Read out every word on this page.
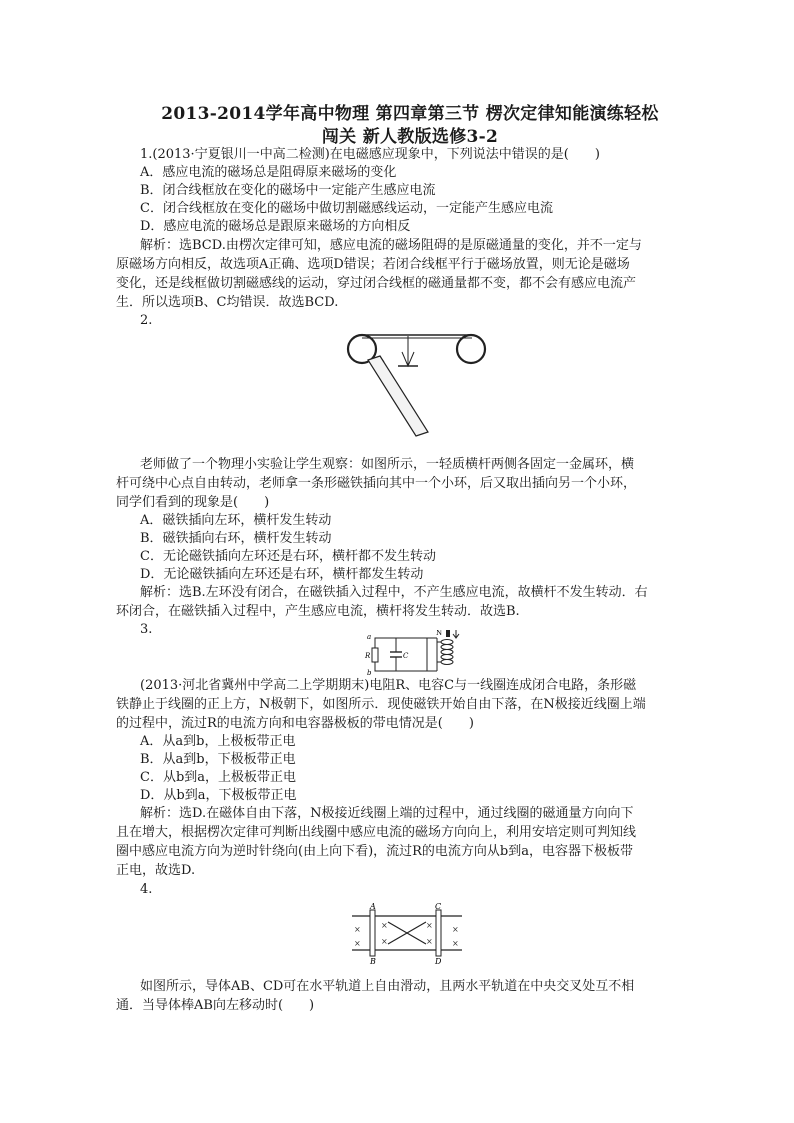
2013-2014学年高中物理 第四章第三节 楞次定律知能演练轻松
闯关 新人教版选修3-2
1.(2013·宁夏银川一中高二检测)在电磁感应现象中，下列说法中错误的是(　　)
A．感应电流的磁场总是阻碍原来磁场的变化
B．闭合线框放在变化的磁场中一定能产生感应电流
C．闭合线框放在变化的磁场中做切割磁感线运动，一定能产生感应电流
D．感应电流的磁场总是跟原来磁场的方向相反
解析：选BCD.由楞次定律可知，感应电流的磁场阻碍的是原磁通量的变化，并不一定与
原磁场方向相反，故选项A正确、选项D错误；若闭合线框平行于磁场放置，则无论是磁场
变化，还是线框做切割磁感线的运动，穿过闭合线框的磁通量都不变，都不会有感应电流产
生．所以选项B、C均错误．故选BCD.
2.
老师做了一个物理小实验让学生观察：如图所示，一轻质横杆两侧各固定一金属环，横
杆可绕中心点自由转动，老师拿一条形磁铁插向其中一个小环，后又取出插向另一个小环，
同学们看到的现象是(　　)
A．磁铁插向左环，横杆发生转动
B．磁铁插向右环，横杆发生转动
C．无论磁铁插向左环还是右环，横杆都不发生转动
D．无论磁铁插向左环还是右环，横杆都发生转动
解析：选B.左环没有闭合，在磁铁插入过程中，不产生感应电流，故横杆不发生转动．右
环闭合，在磁铁插入过程中，产生感应电流，横杆将发生转动．故选B.
3.	a
R
b
C
N
(2013·河北省冀州中学高二上学期期末)电阻R、电容C与一线圈连成闭合电路，条形磁
铁静止于线圈的正上方，N极朝下，如图所示．现使磁铁开始自由下落，在N极接近线圈上端
的过程中，流过R的电流方向和电容器极板的带电情况是(　　)
A．从a到b，上极板带正电
B．从a到b，下极板带正电
C．从b到a，上极板带正电
D．从b到a，下极板带正电
解析：选D.在磁体自由下落，N极接近线圈上端的过程中，通过线圈的磁通量方向向下
且在增大，根据楞次定律可判断出线圈中感应电流的磁场方向向上，利用安培定则可判知线
圈中感应电流方向为逆时针绕向(由上向下看)，流过R的电流方向从b到a，电容器下极板带
正电，故选D.
4.
×	×
×
×
×
×
×
×
A
B
C
D
如图所示，导体AB、CD可在水平轨道上自由滑动，且两水平轨道在中央交叉处互不相
通．当导体棒AB向左移动时(　　)
